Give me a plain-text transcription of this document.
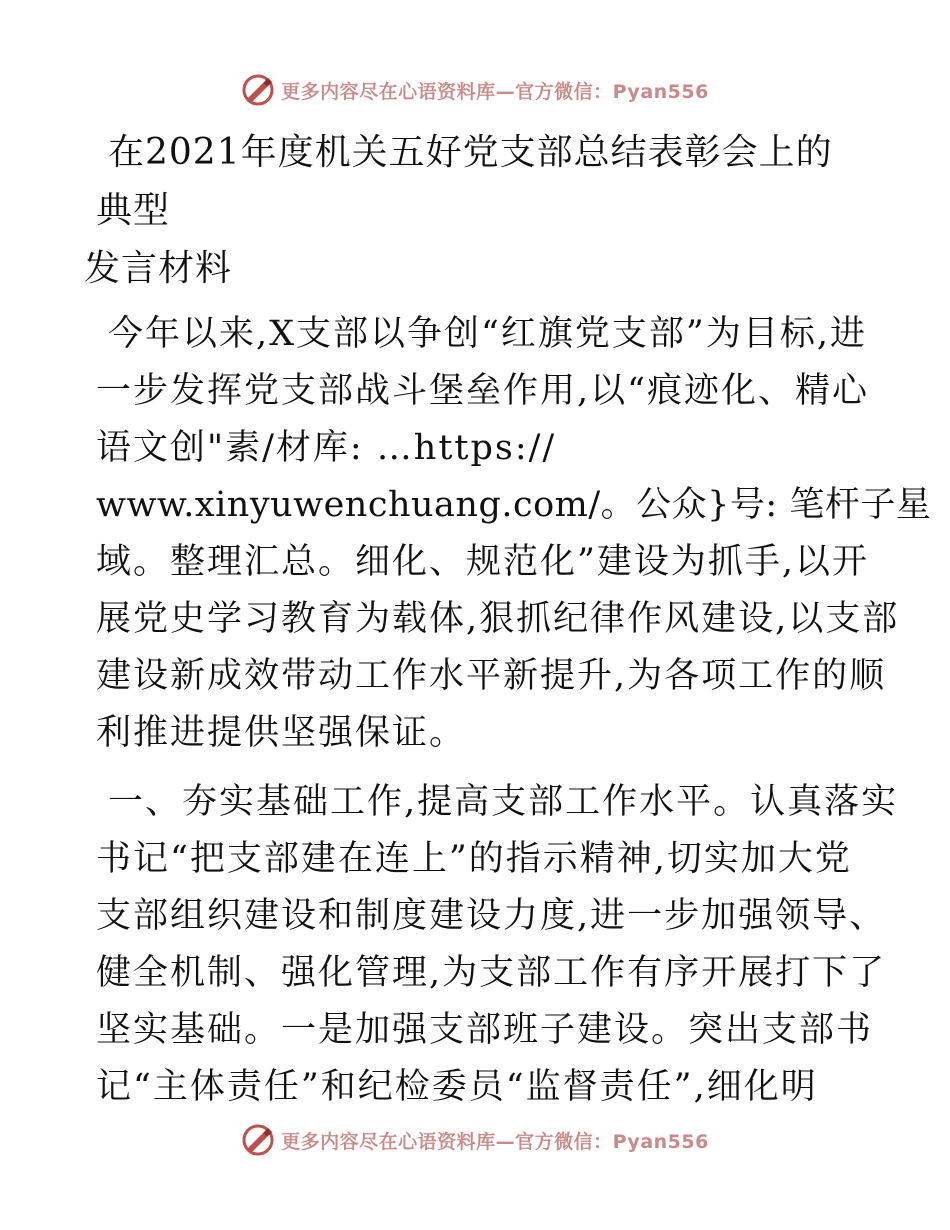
更多内容尽在心语资料库—官方微信：Pyan556
在2021年度机关五好党支部总结表彰会上的典型
发言材料
今年以来,X支部以争创“红旗党支部”为目标,进
一步发挥党支部战斗堡垒作用,以“痕迹化、精心
语文创"素/材库: …https://
www.xinyuwenchuang.com/。公众}号: 笔杆子星
域。整理汇总。细化、规范化”建设为抓手,以开
展党史学习教育为载体,狠抓纪律作风建设,以支部
建设新成效带动工作水平新提升,为各项工作的顺
利推进提供坚强保证。
一、夯实基础工作,提高支部工作水平。认真落实
书记“把支部建在连上”的指示精神,切实加大党
支部组织建设和制度建设力度,进一步加强领导、
健全机制、强化管理,为支部工作有序开展打下了
坚实基础。一是加强支部班子建设。突出支部书
记“主体责任”和纪检委员“监督责任”,细化明
更多内容尽在心语资料库—官方微信：Pyan556
